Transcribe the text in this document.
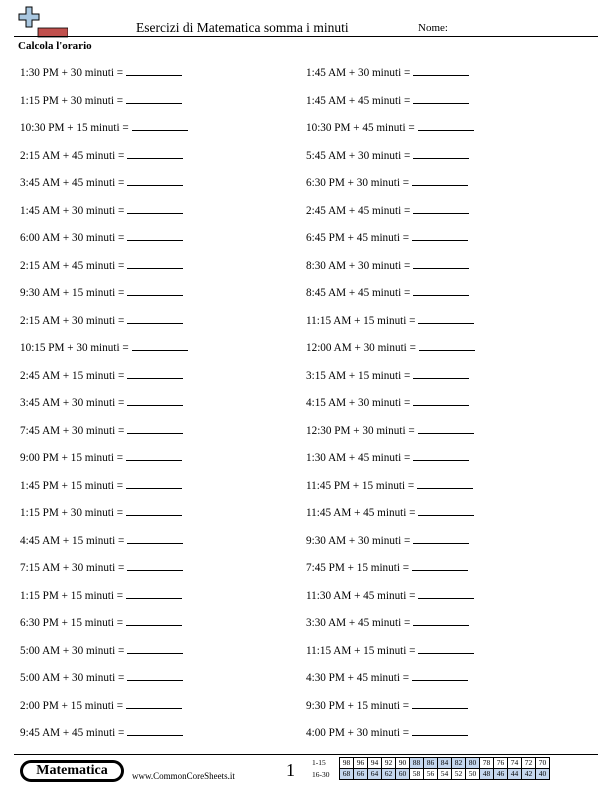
Esercizi di Matematica somma i minuti	Nome:
Calcola l'orario
1:30 PM + 30 minuti =
1:15 PM + 30 minuti =
10:30 PM + 15 minuti =
2:15 AM + 45 minuti =
3:45 AM + 45 minuti =
1:45 AM + 30 minuti =
6:00 AM + 30 minuti =
2:15 AM + 45 minuti =
9:30 AM + 15 minuti =
2:15 AM + 30 minuti =
10:15 PM + 30 minuti =
2:45 AM + 15 minuti =
3:45 AM + 30 minuti =
7:45 AM + 30 minuti =
9:00 PM + 15 minuti =
1:45 PM + 15 minuti =
1:15 PM + 30 minuti =
4:45 AM + 15 minuti =
7:15 AM + 30 minuti =
1:15 PM + 15 minuti =
6:30 PM + 15 minuti =
5:00 AM + 30 minuti =
5:00 AM + 30 minuti =
2:00 PM + 15 minuti =
9:45 AM + 45 minuti =
1:45 AM + 30 minuti =
1:45 AM + 45 minuti =
10:30 PM + 45 minuti =
5:45 AM + 30 minuti =
6:30 PM + 30 minuti =
2:45 AM + 45 minuti =
6:45 PM + 45 minuti =
8:30 AM + 30 minuti =
8:45 AM + 45 minuti =
11:15 AM + 15 minuti =
12:00 AM + 30 minuti =
3:15 AM + 15 minuti =
4:15 AM + 30 minuti =
12:30 PM + 30 minuti =
1:30 AM + 45 minuti =
11:45 PM + 15 minuti =
11:45 AM + 45 minuti =
9:30 AM + 30 minuti =
7:45 PM + 15 minuti =
11:30 AM + 45 minuti =
3:30 AM + 45 minuti =
11:15 AM + 15 minuti =
4:30 PM + 45 minuti =
9:30 PM + 15 minuti =
4:00 PM + 30 minuti =
Matematica	www.CommonCoreSheets.it	1 1-15
16-30
98	96	94	92	90	88	86	84	82	80	78	76	74	72	70
68	66	64	62	60	58	56	54	52	50	48	46	44	42	40
